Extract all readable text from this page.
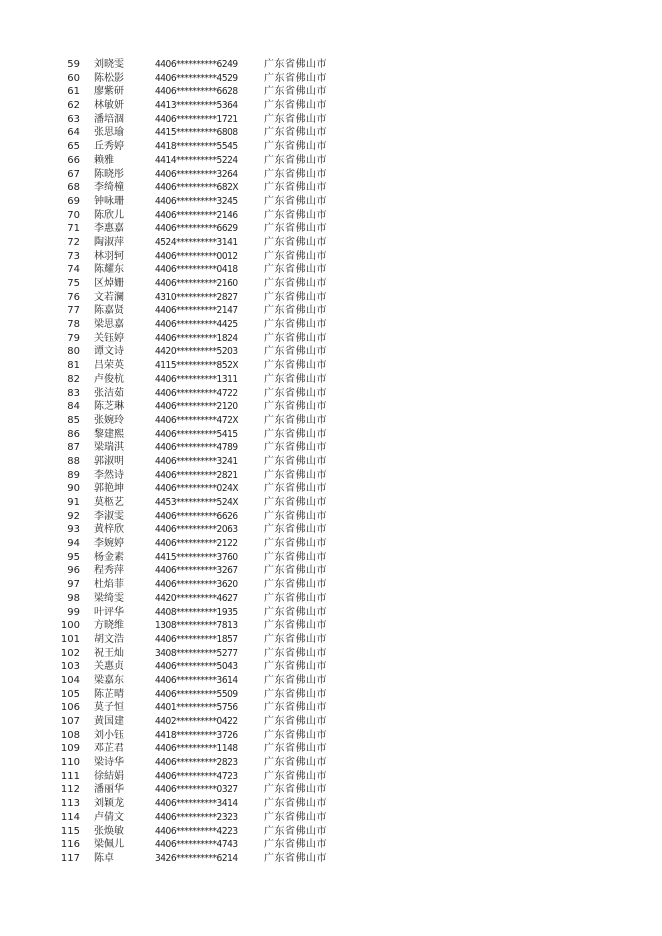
59 刘晓雯	4406**********6249	广东省佛山市
60 陈松影	4406**********4529	广东省佛山市
61 廖紫研	4406**********6628	广东省佛山市
62 林敏妍	4413**********5364	广东省佛山市
63 潘培涸	4406**********1721	广东省佛山市
64 张思瑜	4415**********6808	广东省佛山市
65 丘秀婷	4418**********5545	广东省佛山市
66 赖雅	4414**********5224	广东省佛山市
67 陈晓彤	4406**********3264	广东省佛山市
68 李绮橦	4406**********682X	广东省佛山市
69 钟咏珊	4406**********3245	广东省佛山市
70 陈欣儿	4406**********2146	广东省佛山市
71 李惠嘉	4406**********6629	广东省佛山市
72 陶淑萍	4524**********3141	广东省佛山市
73 林羽轲	4406**********0012	广东省佛山市
74 陈耀东	4406**********0418	广东省佛山市
75 区焯姗	4406**********2160	广东省佛山市
76 文若澜	4310**********2827	广东省佛山市
77 陈嘉贤	4406**********2147	广东省佛山市
78 梁思嘉	4406**********4425	广东省佛山市
79 关钰婷	4406**********1824	广东省佛山市
80 谭文诗	4420**********5203	广东省佛山市
81 吕荣英	4115**********852X	广东省佛山市
82 卢俊杭	4406**********1311	广东省佛山市
83 张洁茹	4406**********4722	广东省佛山市
84 陈芝琳	4406**********2120	广东省佛山市
85 张婉玲	4406**********472X	广东省佛山市
86 黎建熙	4406**********5415	广东省佛山市
87 梁瑞淇	4406**********4789	广东省佛山市
88 郭淑明	4406**********3241	广东省佛山市
89 李然诗	4406**********2821	广东省佛山市
90 郭艳坤	4406**********024X	广东省佛山市
91 莫柩艺	4453**********524X	广东省佛山市
92 李淑雯	4406**********6626	广东省佛山市
93 黄梓欣	4406**********2063	广东省佛山市
94 李婉婷	4406**********2122	广东省佛山市
95 杨金素	4415**********3760	广东省佛山市
96 程秀萍	4406**********3267	广东省佛山市
97 杜焰菲	4406**********3620	广东省佛山市
98 梁绮雯	4420**********4627	广东省佛山市
99 叶评华	4408**********1935	广东省佛山市
100 方晓维	1308**********7813	广东省佛山市
101 胡文浩	4406**********1857	广东省佛山市
102 祝王灿	3408**********5277	广东省佛山市
103 关惠贞	4406**********5043	广东省佛山市
104 梁嘉东	4406**********3614	广东省佛山市
105 陈芷晴	4406**********5509	广东省佛山市
106 莫子恒	4401**********5756	广东省佛山市
107 黄国建	4402**********0422	广东省佛山市
108 刘小钰	4418**********3726	广东省佛山市
109 邓芷君	4406**********1148	广东省佛山市
110 梁诗华	4406**********2823	广东省佛山市
111 徐結娟	4406**********4723	广东省佛山市
112 潘丽华	4406**********0327	广东省佛山市
113 刘颖龙	4406**********3414	广东省佛山市
114 卢倩文	4406**********2323	广东省佛山市
115 张焕敏	4406**********4223	广东省佛山市
116 梁佩儿	4406**********4743	广东省佛山市
117 陈卓	3426**********6214	广东省佛山市
